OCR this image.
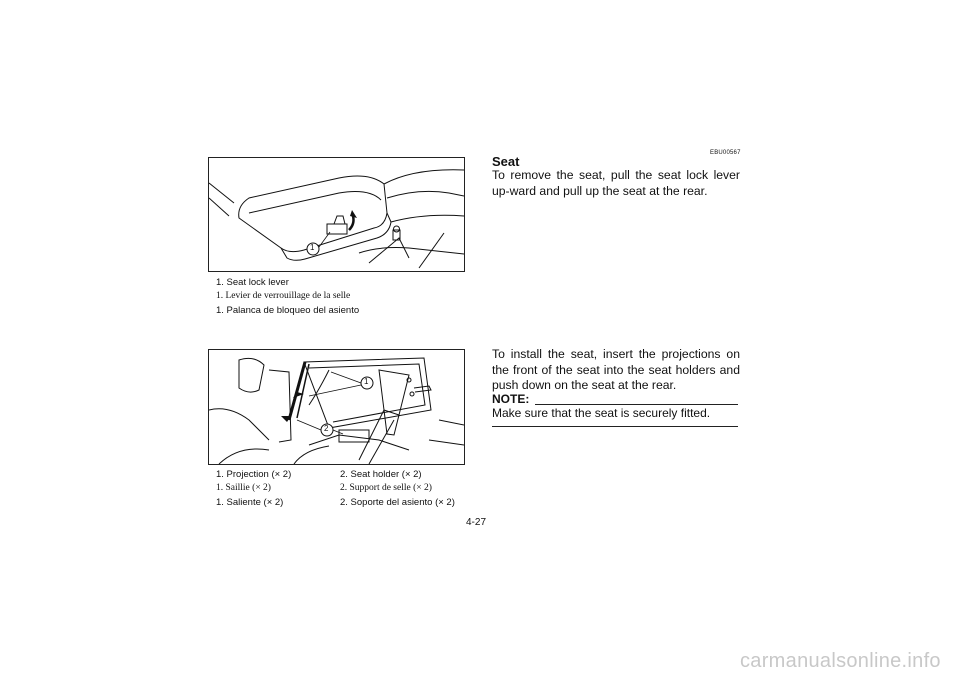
1
1. Seat lock lever
1. Levier de verrouillage de la selle
1. Palanca de bloqueo del asiento
1
2
1. Projection (× 2)
1. Saillie (× 2)
1. Saliente (× 2)
2. Seat holder (× 2)
2. Support de selle (× 2)
2. Soporte del asiento (× 2)
EBU00567
Seat
To remove the seat, pull the seat lock lever up-ward and pull up the seat at the rear.
To install the seat, insert the projections on the front of the seat into the seat holders and push down on the seat at the rear.
NOTE:
Make sure that the seat is securely fitted.
4-27
carmanualsonline.info
